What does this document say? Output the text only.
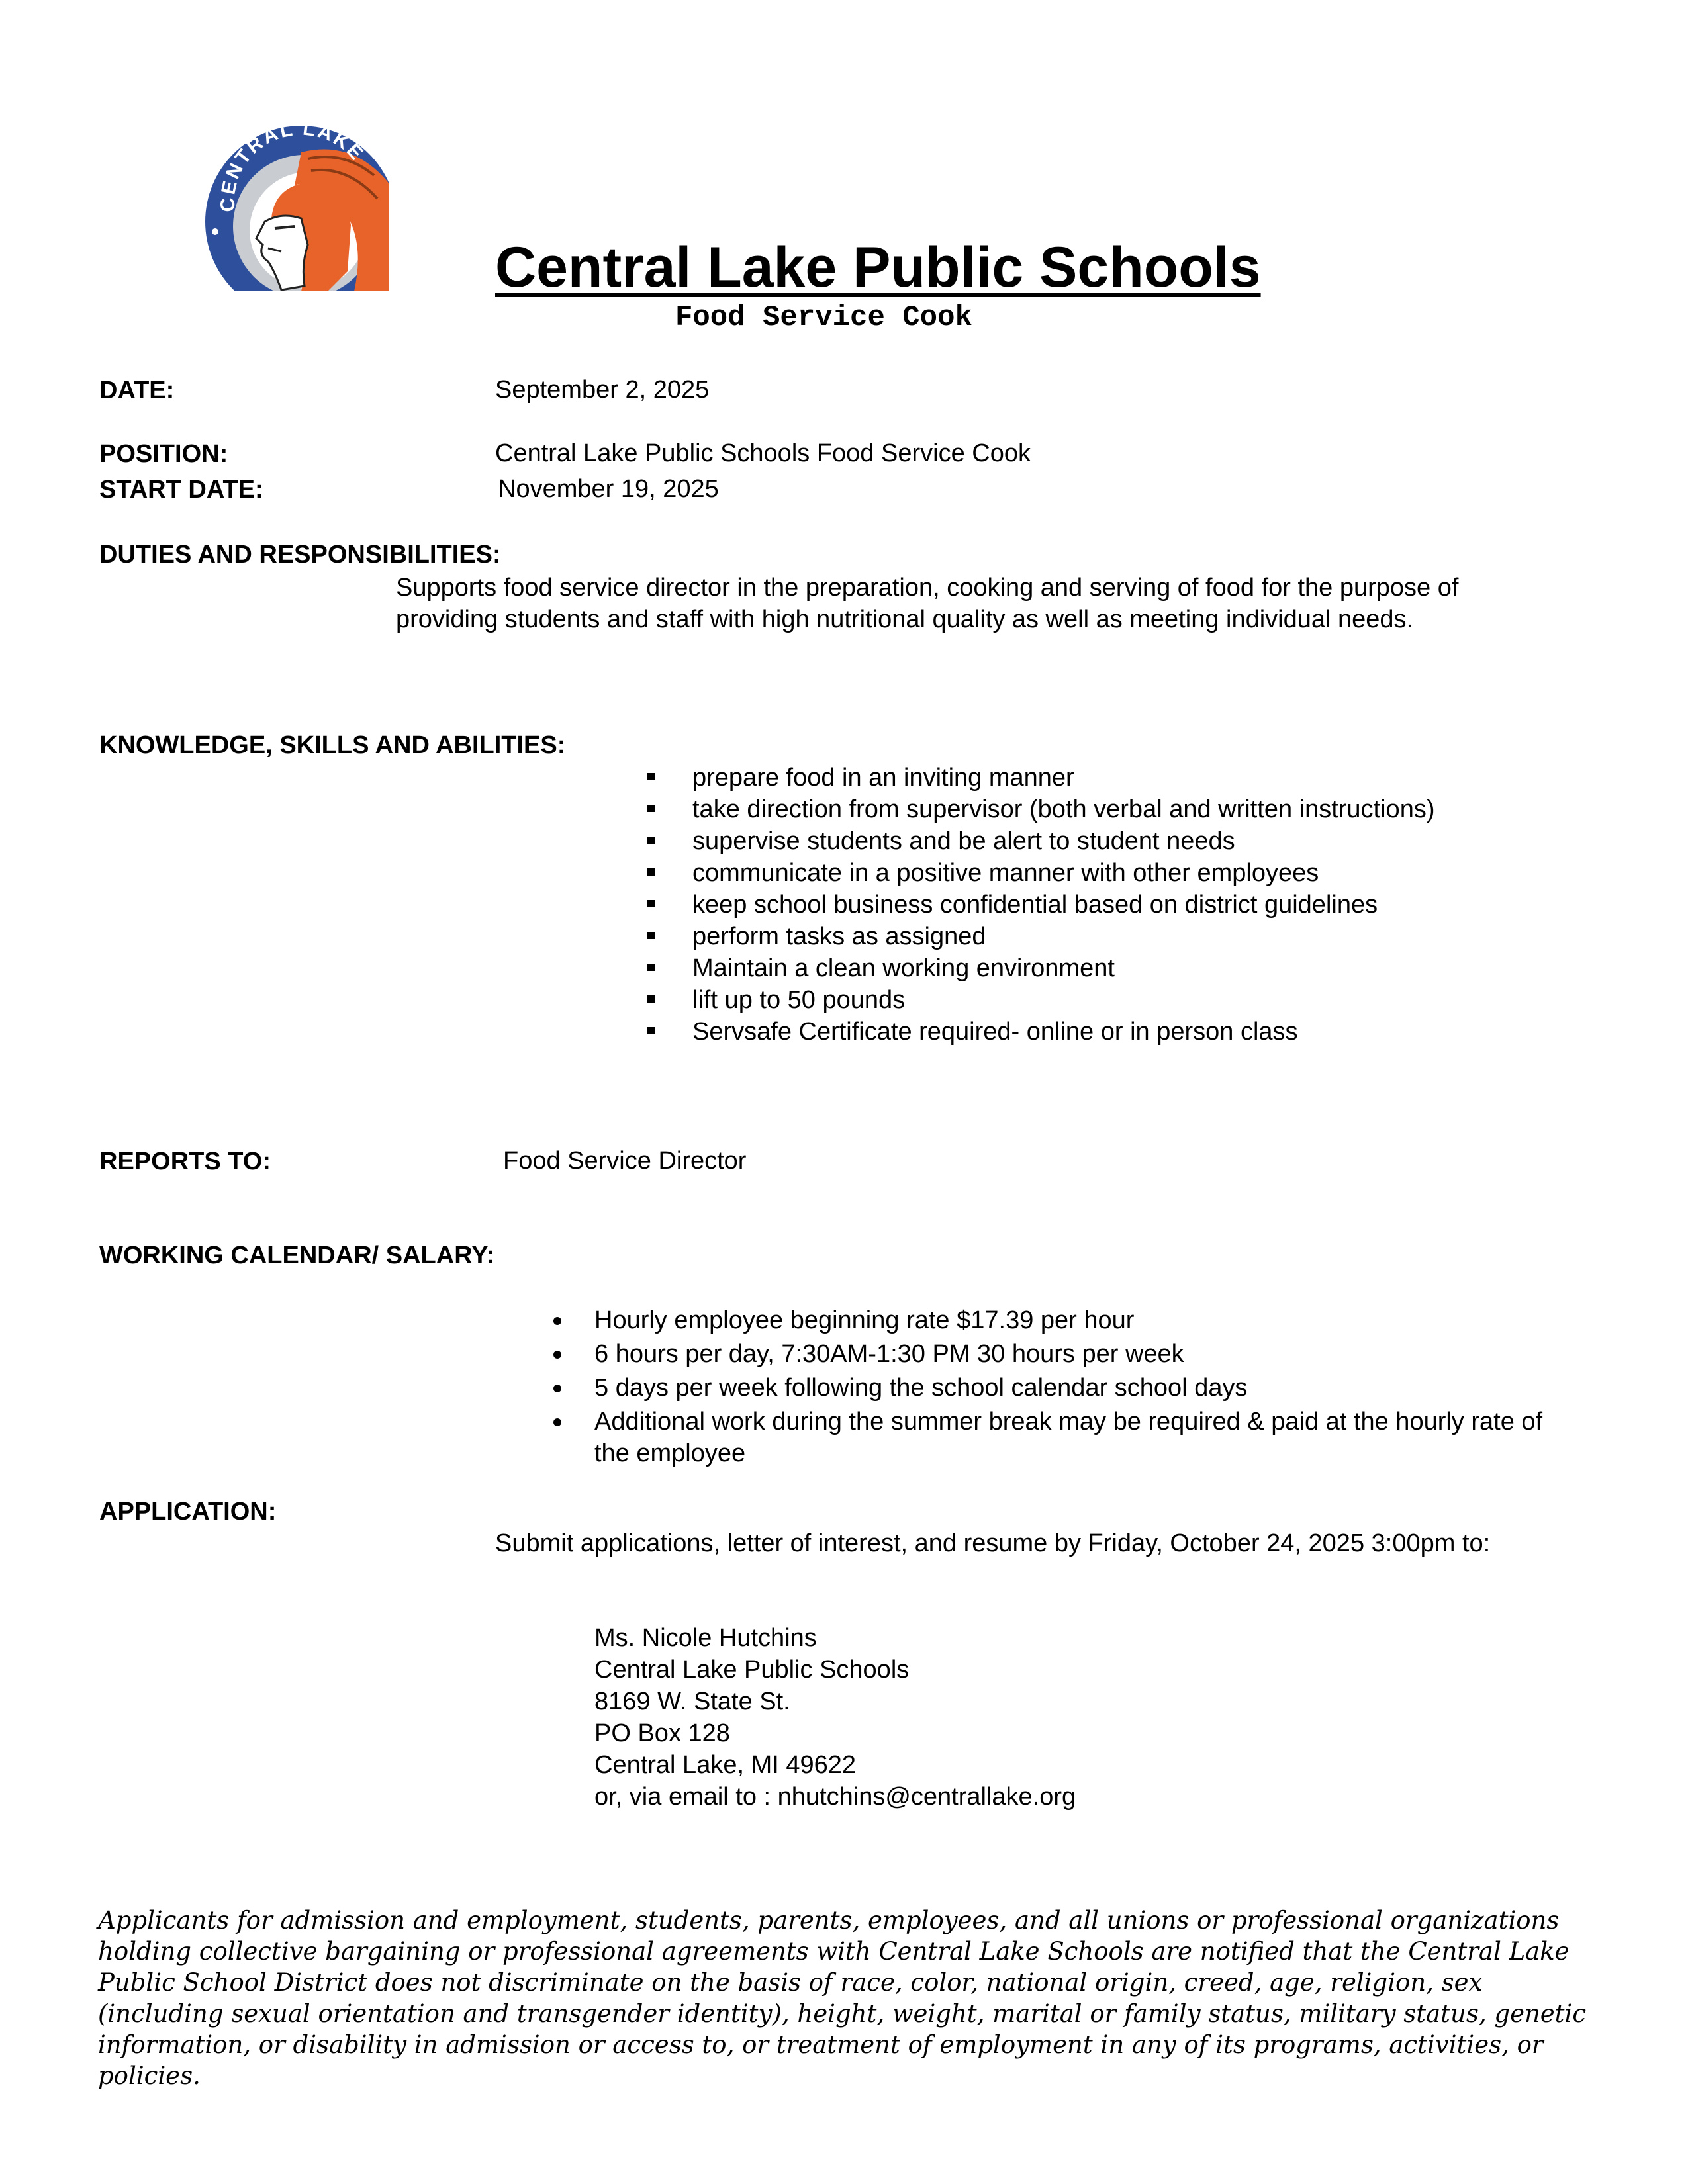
CENTRAL LAKE
Central Lake Public Schools
Food Service Cook
DATE:	September 2, 2025
POSITION:	Central Lake Public Schools Food Service Cook
START DATE:	November 19, 2025
DUTIES AND RESPONSIBILITIES:
Supports food service director in the preparation, cooking and serving of food for the purpose of providing students and staff with high nutritional quality as well as meeting individual needs.
KNOWLEDGE, SKILLS AND ABILITIES:
prepare food in an inviting manner
take direction from supervisor (both verbal and written instructions)
supervise students and be alert to student needs
communicate in a positive manner with other employees
keep school business confidential based on district guidelines
perform tasks as assigned
Maintain a clean working environment
lift up to 50 pounds
Servsafe Certificate required- online or in person class
REPORTS TO:	Food Service Director
WORKING CALENDAR/ SALARY:
Hourly employee beginning rate $17.39 per hour
6 hours per day, 7:30AM-1:30 PM 30 hours per week
5 days per week following the school calendar school days
Additional work during the summer break may be required & paid at the hourly rate of the employee
APPLICATION:
Submit applications, letter of interest, and resume by Friday, October 24, 2025 3:00pm to:
Ms. Nicole Hutchins
Central Lake Public Schools
8169 W. State St.
PO Box 128
Central Lake, MI 49622
or, via email to : nhutchins@centrallake.org
Applicants for admission and employment, students, parents, employees, and all unions or professional organizations holding collective bargaining or professional agreements with Central Lake Schools are notified that the Central Lake Public School District does not discriminate on the basis of race, color, national origin, creed, age, religion, sex (including sexual orientation and transgender identity), height, weight, marital or family status, military status, genetic information, or disability in admission or access to, or treatment of employment in any of its programs, activities, or policies.
